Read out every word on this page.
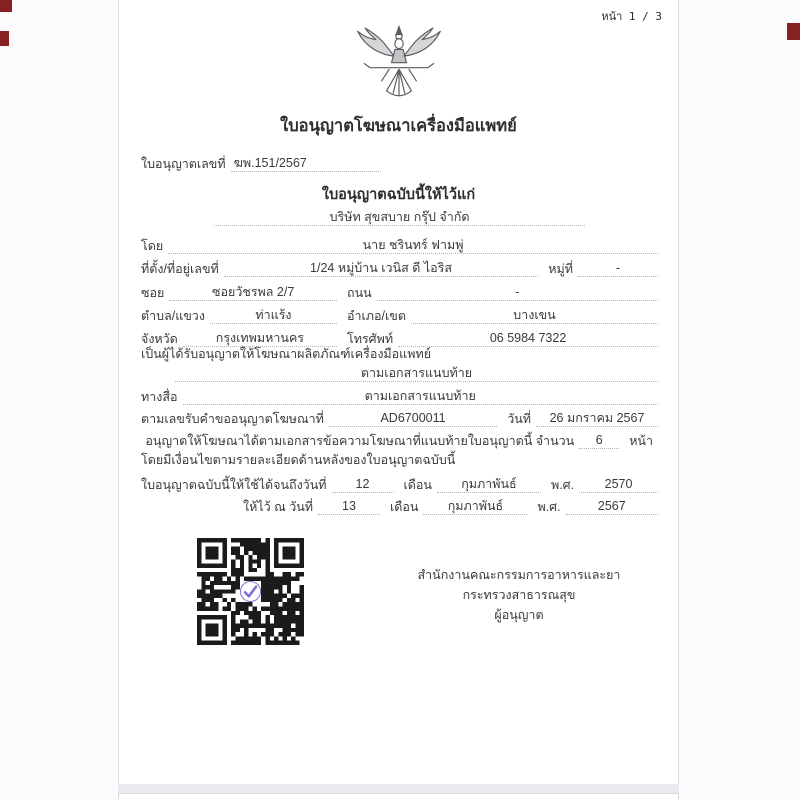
หน้า 1 / 3
ใบอนุญาตโฆษณาเครื่องมือแพทย์
ใบอนุญาตเลขที่ ฆพ.151/2567
ใบอนุญาตฉบับนี้ให้ไว้แก่
บริษัท สุขสบาย กรุ๊ป จำกัด
โดย	นาย ชรินทร์ ฟามพู่
ที่ตั้ง/ที่อยู่เลขที่	1/24 หมู่บ้าน เวนิส ดี ไอริส	หมู่ที่	-
ซอย	ซอยวัชรพล 2/7	ถนน	-
ตำบล/แขวง	ท่าแร้ง	อำเภอ/เขต	บางเขน
จังหวัด	กรุงเทพมหานคร	โทรศัพท์	06 5984 7322
เป็นผู้ได้รับอนุญาตให้โฆษณาผลิตภัณฑ์เครื่องมือแพทย์
ตามเอกสารแนบท้าย
ทางสื่อ	ตามเอกสารแนบท้าย
ตามเลขรับคำขออนุญาตโฆษณาที่	AD6700011	วันที่	26 มกราคม 2567
อนุญาตให้โฆษณาได้ตามเอกสารข้อความโฆษณาที่แนบท้ายใบอนุญาตนี้ จำนวน	6	หน้า
โดยมีเงื่อนไขตามรายละเอียดด้านหลังของใบอนุญาตฉบับนี้
ใบอนุญาตฉบับนี้ให้ใช้ได้จนถึงวันที่	12	เดือน	กุมภาพันธ์	พ.ศ.	2570
ให้ไว้ ณ วันที่	13	เดือน	กุมภาพันธ์	พ.ศ.	2567
สำนักงานคณะกรรมการอาหารและยา
กระทรวงสาธารณสุข
ผู้อนุญาต
